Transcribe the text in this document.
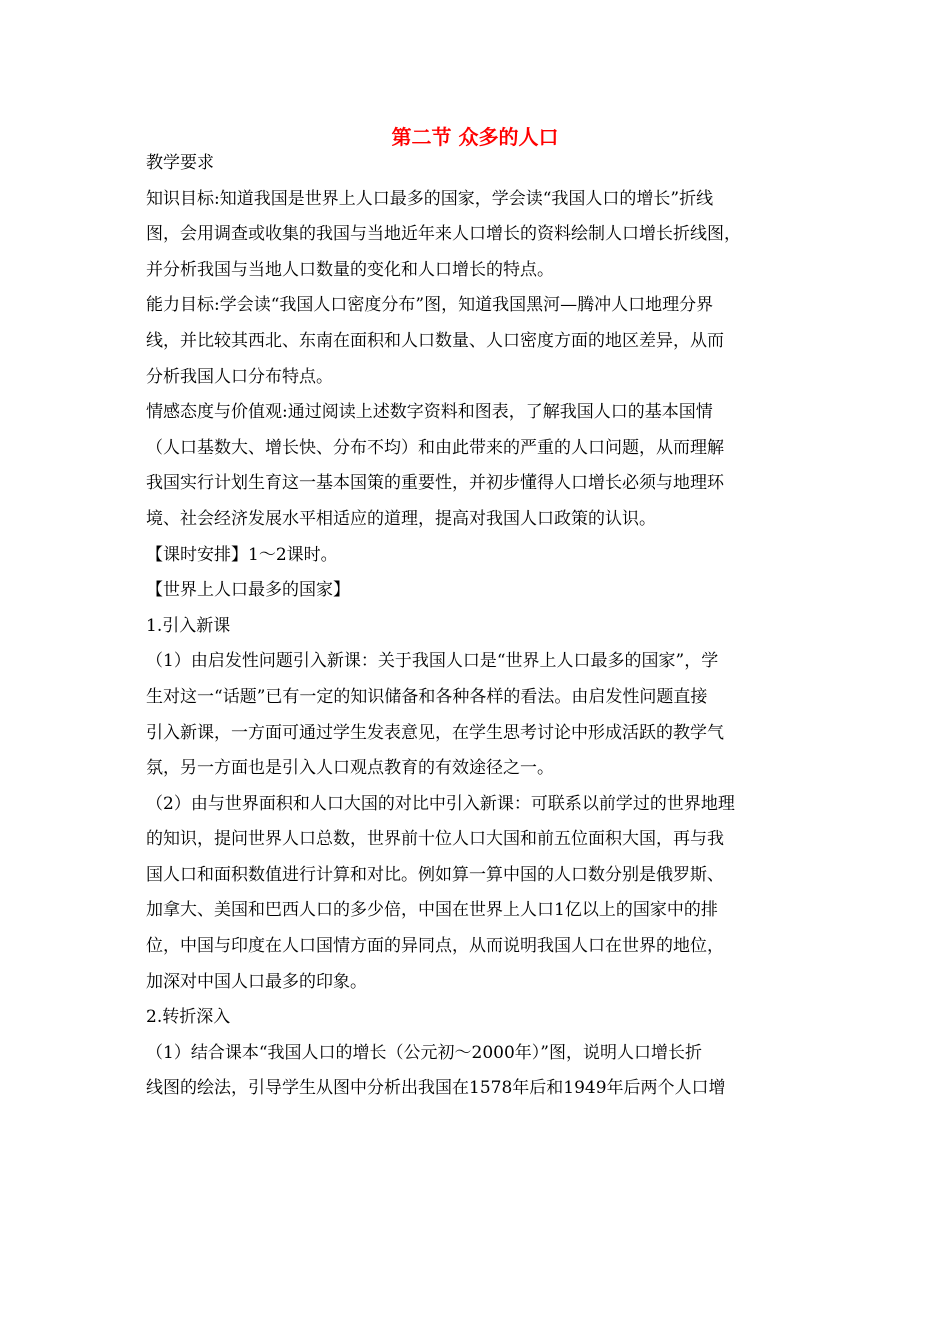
第二节 众多的人口
教学要求
知识目标:知道我国是世界上人口最多的国家，学会读“我国人口的增长”折线
图，会用调查或收集的我国与当地近年来人口增长的资料绘制人口增长折线图，
并分析我国与当地人口数量的变化和人口增长的特点。
能力目标:学会读“我国人口密度分布”图，知道我国黑河—腾冲人口地理分界
线，并比较其西北、东南在面积和人口数量、人口密度方面的地区差异，从而
分析我国人口分布特点。
情感态度与价值观:通过阅读上述数字资料和图表，了解我国人口的基本国情
（人口基数大、增长快、分布不均）和由此带来的严重的人口问题，从而理解
我国实行计划生育这一基本国策的重要性，并初步懂得人口增长必须与地理环
境、社会经济发展水平相适应的道理，提高对我国人口政策的认识。
【课时安排】1～2课时。
【世界上人口最多的国家】
1.引入新课
（1）由启发性问题引入新课：关于我国人口是“世界上人口最多的国家”，学
生对这一“话题”已有一定的知识储备和各种各样的看法。由启发性问题直接
引入新课，一方面可通过学生发表意见，在学生思考讨论中形成活跃的教学气
氛，另一方面也是引入人口观点教育的有效途径之一。
（2）由与世界面积和人口大国的对比中引入新课：可联系以前学过的世界地理
的知识，提问世界人口总数，世界前十位人口大国和前五位面积大国，再与我
国人口和面积数值进行计算和对比。例如算一算中国的人口数分别是俄罗斯、
加拿大、美国和巴西人口的多少倍，中国在世界上人口1亿以上的国家中的排
位，中国与印度在人口国情方面的异同点，从而说明我国人口在世界的地位，
加深对中国人口最多的印象。
2.转折深入
（1）结合课本“我国人口的增长（公元初～2000年）”图，说明人口增长折
线图的绘法，引导学生从图中分析出我国在1578年后和1949年后两个人口增
